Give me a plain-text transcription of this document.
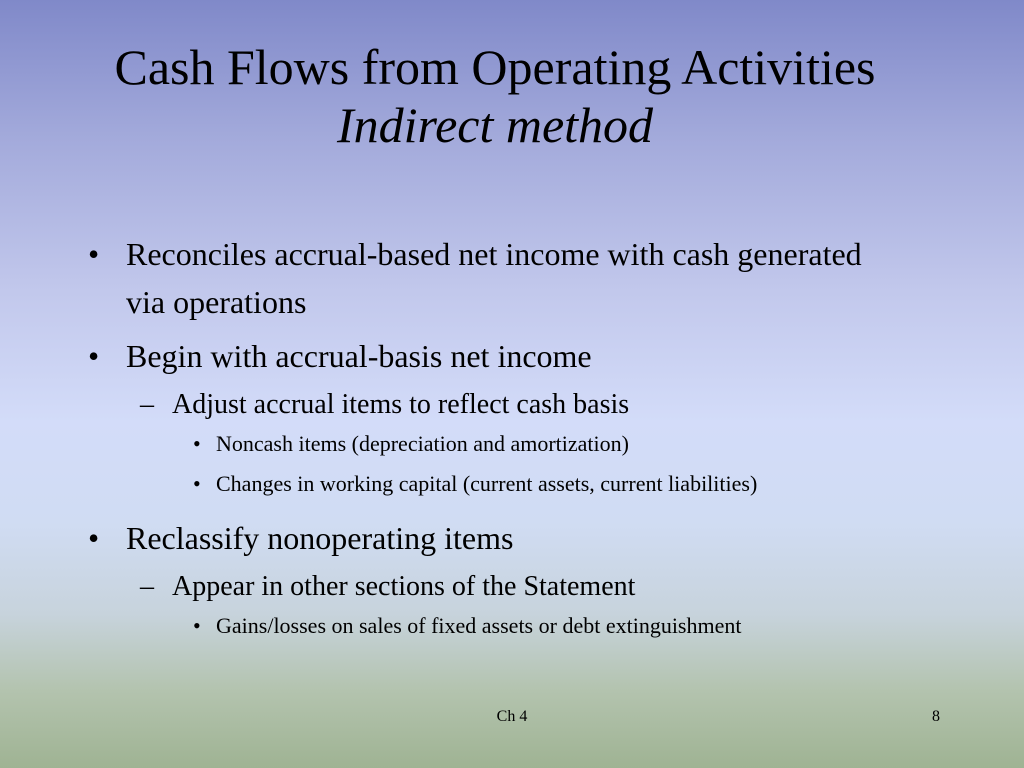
Cash Flows from Operating Activities
Indirect method
• Reconciles accrual-based net income with cash generated via operations
• Begin with accrual-basis net income
– Adjust accrual items to reflect cash basis
• Noncash items (depreciation and amortization)
• Changes in working capital (current assets, current liabilities)
• Reclassify nonoperating items
– Appear in other sections of the Statement
• Gains/losses on sales of fixed assets or debt extinguishment
Ch 4	8
